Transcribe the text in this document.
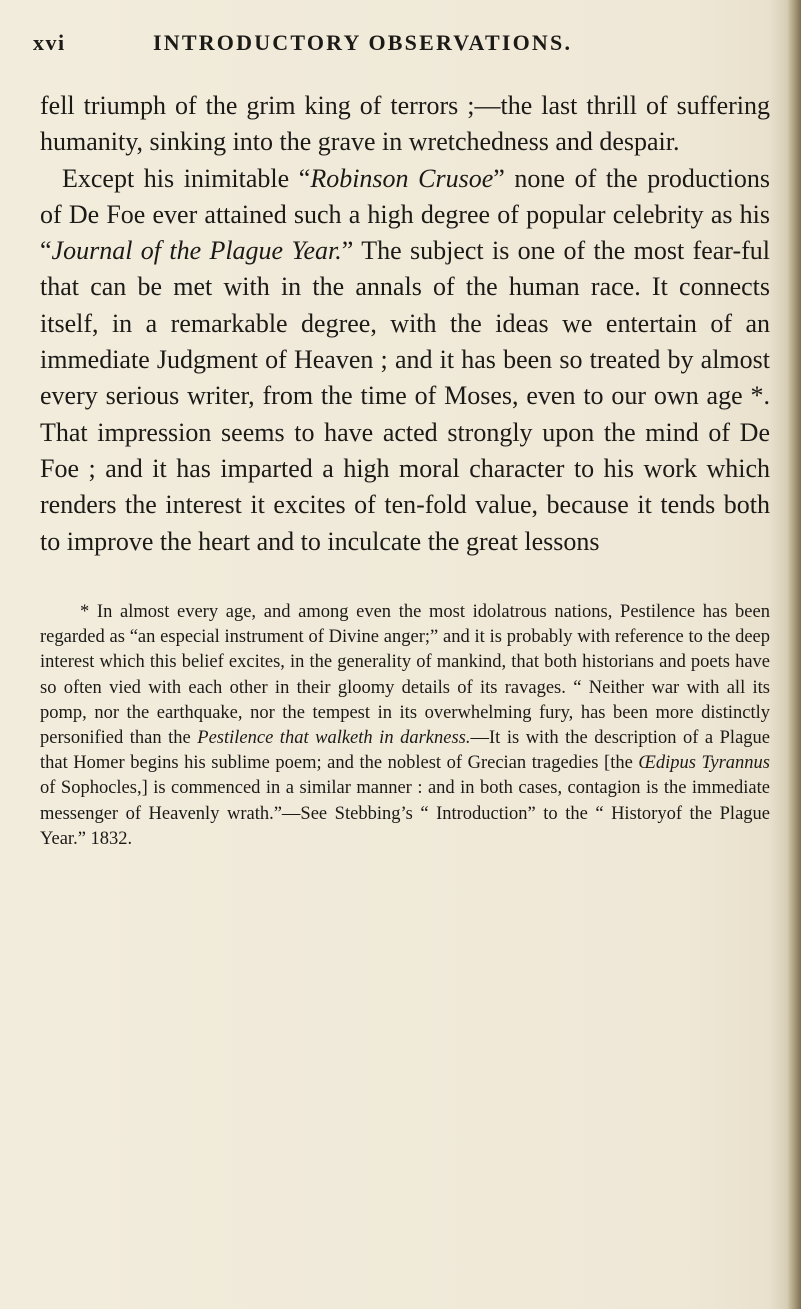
xvi	INTRODUCTORY OBSERVATIONS.

fell triumph of the grim king of terrors ;—the last thrill of suffering humanity, sinking into the grave in wretchedness and despair.

Except his inimitable “Robinson Crusoe” none of the productions of De Foe ever attained such a high degree of popular celebrity as his “Journal of the Plague Year.” The subject is one of the most fear-ful that can be met with in the annals of the human race. It connects itself, in a remarkable degree, with the ideas we entertain of an immediate Judgment of Heaven ; and it has been so treated by almost every serious writer, from the time of Moses, even to our own age *. That impression seems to have acted strongly upon the mind of De Foe ; and it has imparted a high moral character to his work which renders the interest it excites of ten-fold value, because it tends both to improve the heart and to inculcate the great lessons

* In almost every age, and among even the most idolatrous nations, Pestilence has been regarded as “an especial instrument of Divine anger;” and it is probably with reference to the deep interest which this belief excites, in the generality of mankind, that both historians and poets have so often vied with each other in their gloomy details of its ravages. “ Neither war with all its pomp, nor the earthquake, nor the tempest in its overwhelming fury, has been more distinctly personified than the Pestilence that walketh in darkness.—It is with the description of a Plague that Homer begins his sublime poem; and the noblest of Grecian tragedies [the Œdipus Tyrannus of Sophocles,] is commenced in a similar manner : and in both cases, contagion is the immediate messenger of Heavenly wrath.”—See Stebbing’s “ Introduction” to the “ Historyof the Plague Year.” 1832.
